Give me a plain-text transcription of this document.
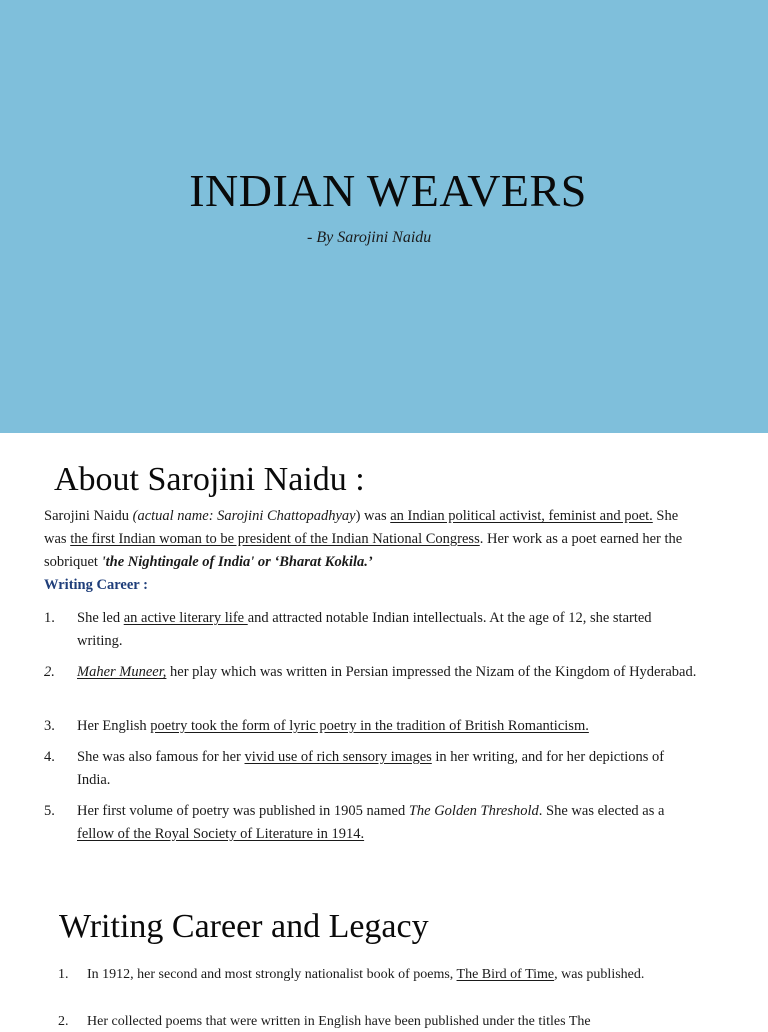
INDIAN WEAVERS
- By Sarojini Naidu
About Sarojini Naidu :
Sarojini Naidu (actual name: Sarojini Chattopadhyay) was an Indian political activist, feminist and poet. She was the first Indian woman to be president of the Indian National Congress. Her work as a poet earned her the sobriquet 'the Nightingale of India' or ‘Bharat Kokila.’
Writing Career :
1. She led an active literary life and attracted notable Indian intellectuals. At the age of 12, she started writing.
2. Maher Muneer, her play which was written in Persian impressed the Nizam of the Kingdom of Hyderabad.
3. Her English poetry took the form of lyric poetry in the tradition of British Romanticism.
4. She was also famous for her vivid use of rich sensory images in her writing, and for her depictions of India.
5. Her first volume of poetry was published in 1905 named The Golden Threshold. She was elected as a fellow of the Royal Society of Literature in 1914.
Writing Career and Legacy
1. In 1912, her second and most strongly nationalist book of poems, The Bird of Time, was published.
2. Her collected poems that were written in English have been published under the titles The
